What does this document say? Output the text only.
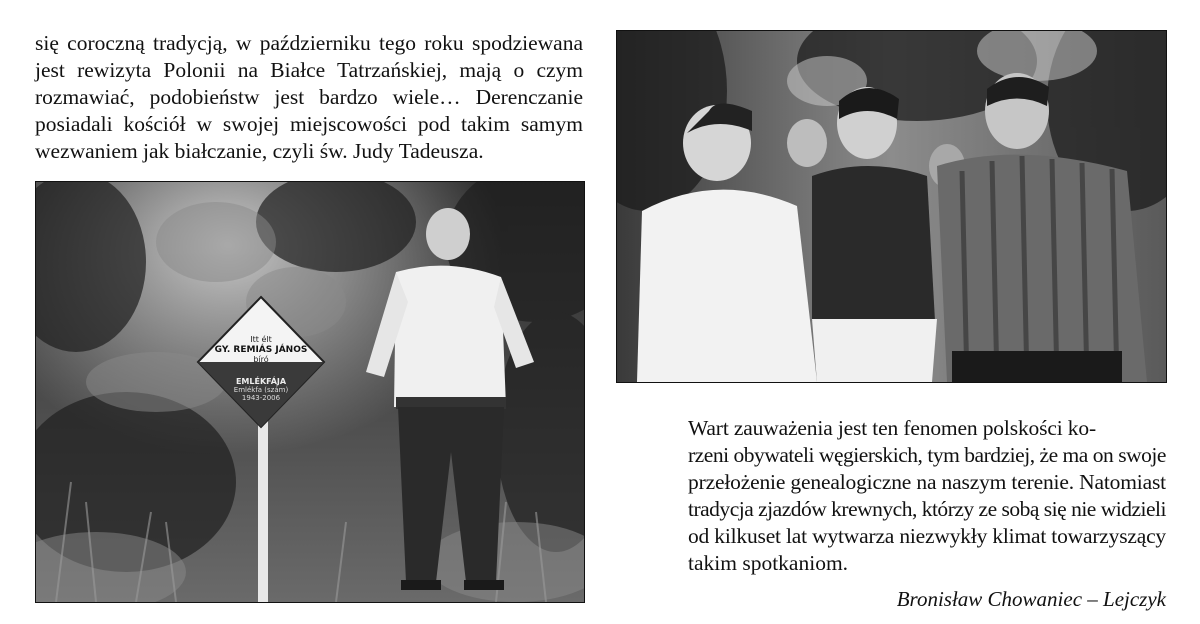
się coroczną tradycją, w październiku tego roku spodziewana
jest rewizyta Polonii na Białce Tatrzańskiej, mają o czym
rozmawiać, podobieństw jest bardzo wiele… Derenczanie
posiadali kościół w swojej miejscowości pod takim samym
wezwaniem jak białczanie, czyli św. Judy Tadeusza.

Itt élt
GY. REMIÁS JÁNOS
bíró
EMLÉKFÁJA
Emlékfa (szám)
1943-2006

Wart zauważenia jest ten fenomen polskości ko-
rzeni obywateli węgierskich, tym bardziej, że ma on swoje
przełożenie genealogiczne na naszym terenie. Natomiast
tradycja zjazdów krewnych, którzy ze sobą się nie widzieli
od kilkuset lat wytwarza niezwykły klimat towarzyszący
takim spotkaniom.

Bronisław Chowaniec – Lejczyk
